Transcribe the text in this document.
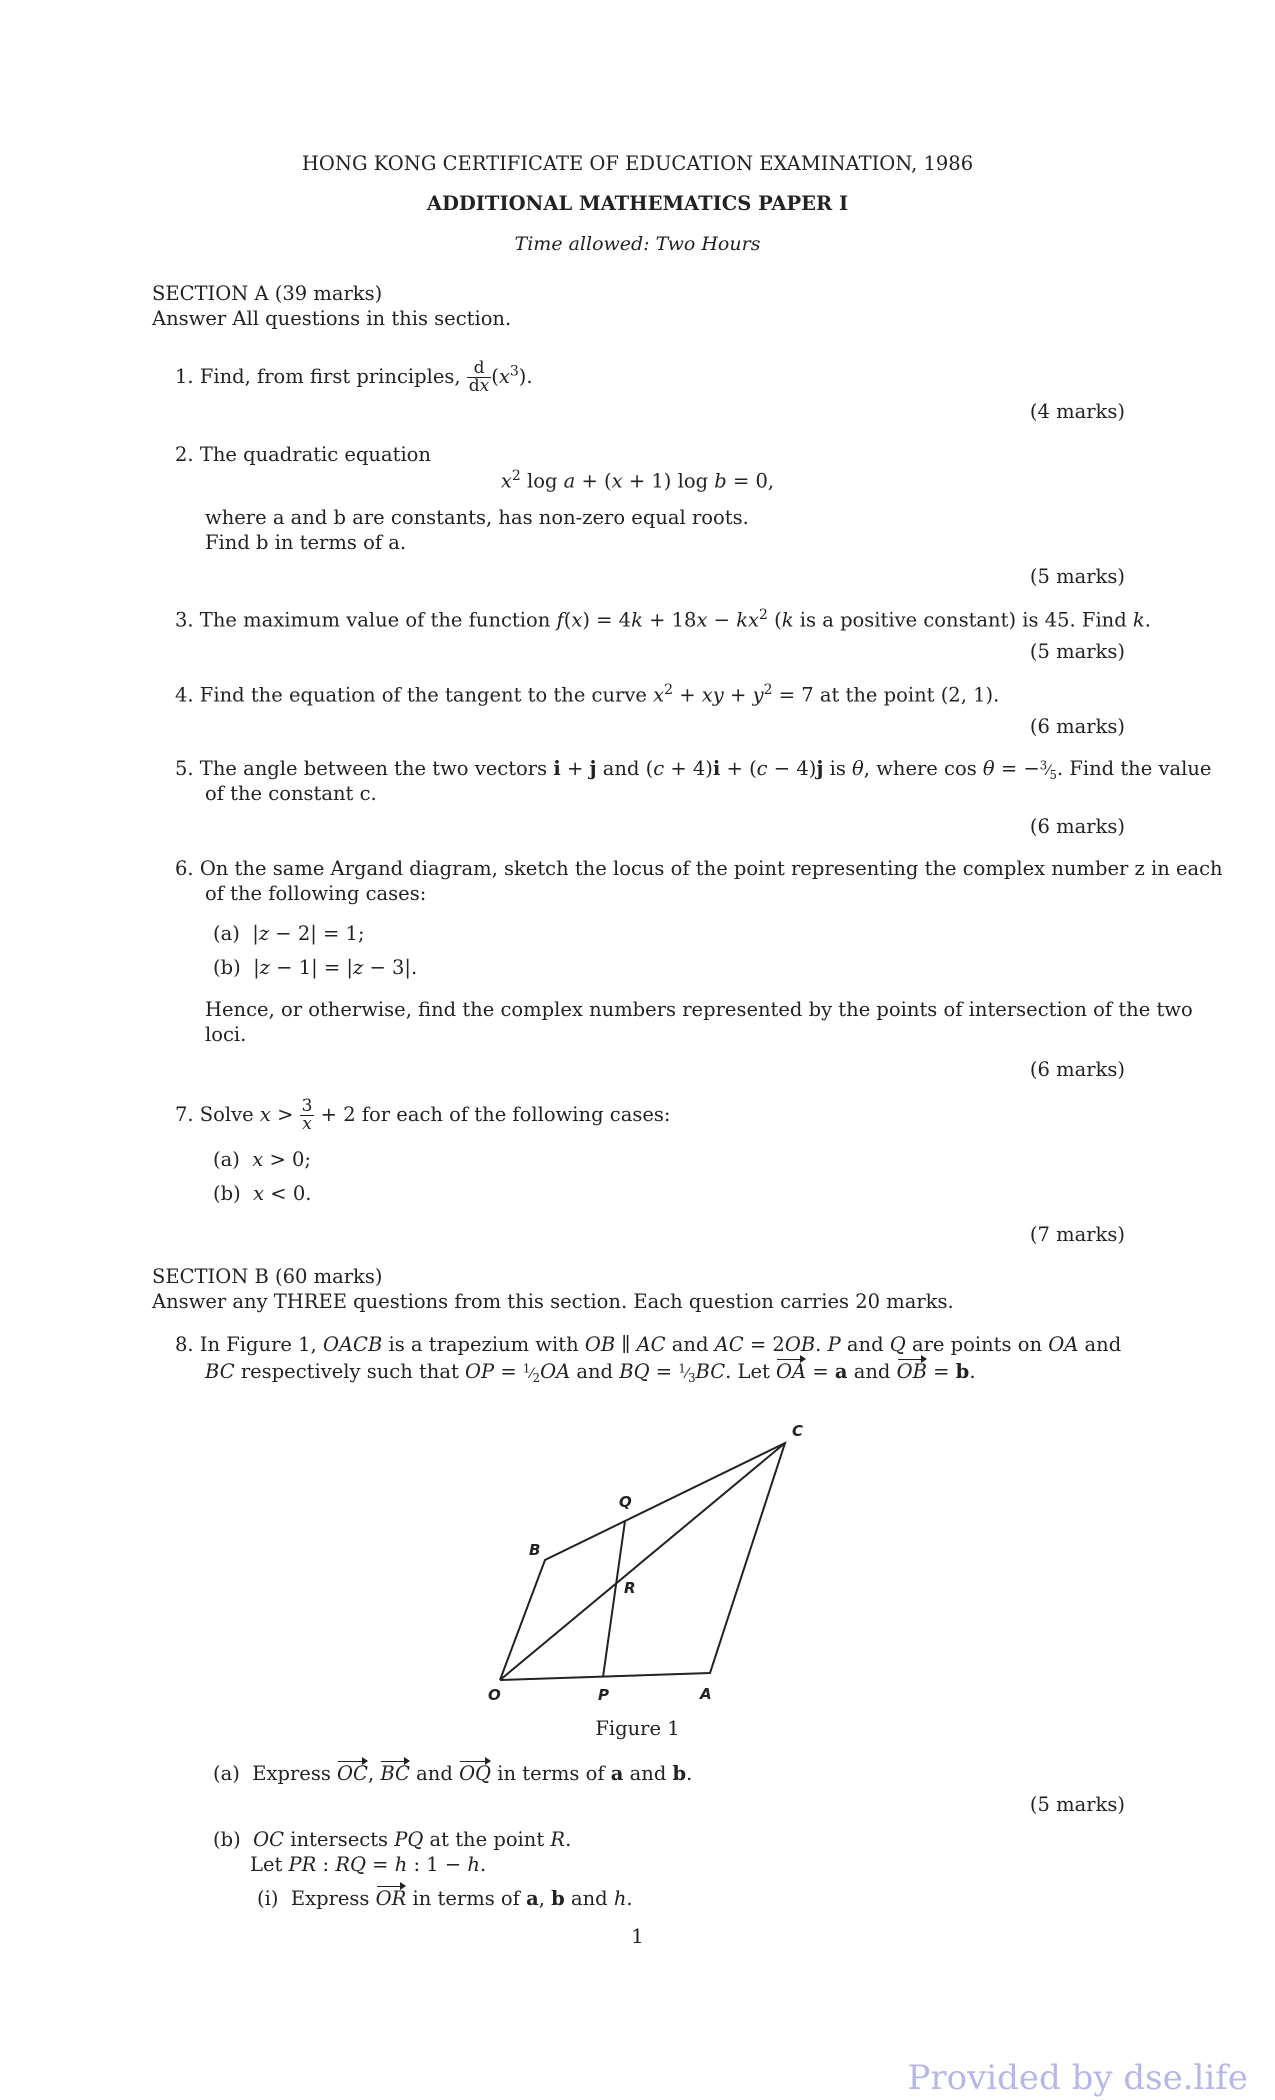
HONG KONG CERTIFICATE OF EDUCATION EXAMINATION, 1986
ADDITIONAL MATHEMATICS PAPER I
Time allowed: Two Hours
SECTION A (39 marks)
Answer All questions in this section.
1. Find, from first principles, $\frac{d}{dx} (x^3)$.
(4 marks)
2. The quadratic equation
$x^2$ log a + (x + 1) log b = 0,
where a and b are constants, has non-zero equal roots.
Find b in terms of a.
(5 marks)
3. The maximum value of the function $f(x) = 4k + 18x - kx^2$ (k is a positive constant) is 45. Find k.
(5 marks)
4. Find the equation of the tangent to the curve $x^2$ + xy + $y^2 = 7$ at the point (2, 1).
(6 marks)
5. The angle between the two vectors i + j and (c + 4)i + (c − 4)j is θ, where $\cos \theta = -^3⁄_5$. Find the value
of the constant c.
(6 marks)
6. On the same Argand diagram, sketch the locus of the point representing the complex number z in each
of the following cases:
(a)  |z − 2| = 1;
(b)  |z − 1| = |z − 3|.
Hence, or otherwise, find the complex numbers represented by the points of intersection of the two
loci.
(6 marks)
7. Solve $x > \frac{3}{x} + 2$ for each of the following cases:
(a) x > 0;
(b) x < 0.
(7 marks)
SECTION B (60 marks)
Answer any THREE questions from this section. Each question carries 20 marks.
8. In Figure 1, OACB is a trapezium with OB ∥ AC and AC = 2OB. P and Q are points on OA and
BC respectively such that OP = $^1⁄_2OA$ and BQ = $^1⁄_3BC$. Let OA = a and OB = b.
O	P	A
B
Q
R
C
Figure 1
(a)  Express OC, BC and OQ in terms of a and b.
(5 marks)
(b) OC intersects PQ at the point R.
Let PR : RQ = h : 1 − h.
(i)  Express OR in terms of a, b and h.
1
Provided by dse.life
